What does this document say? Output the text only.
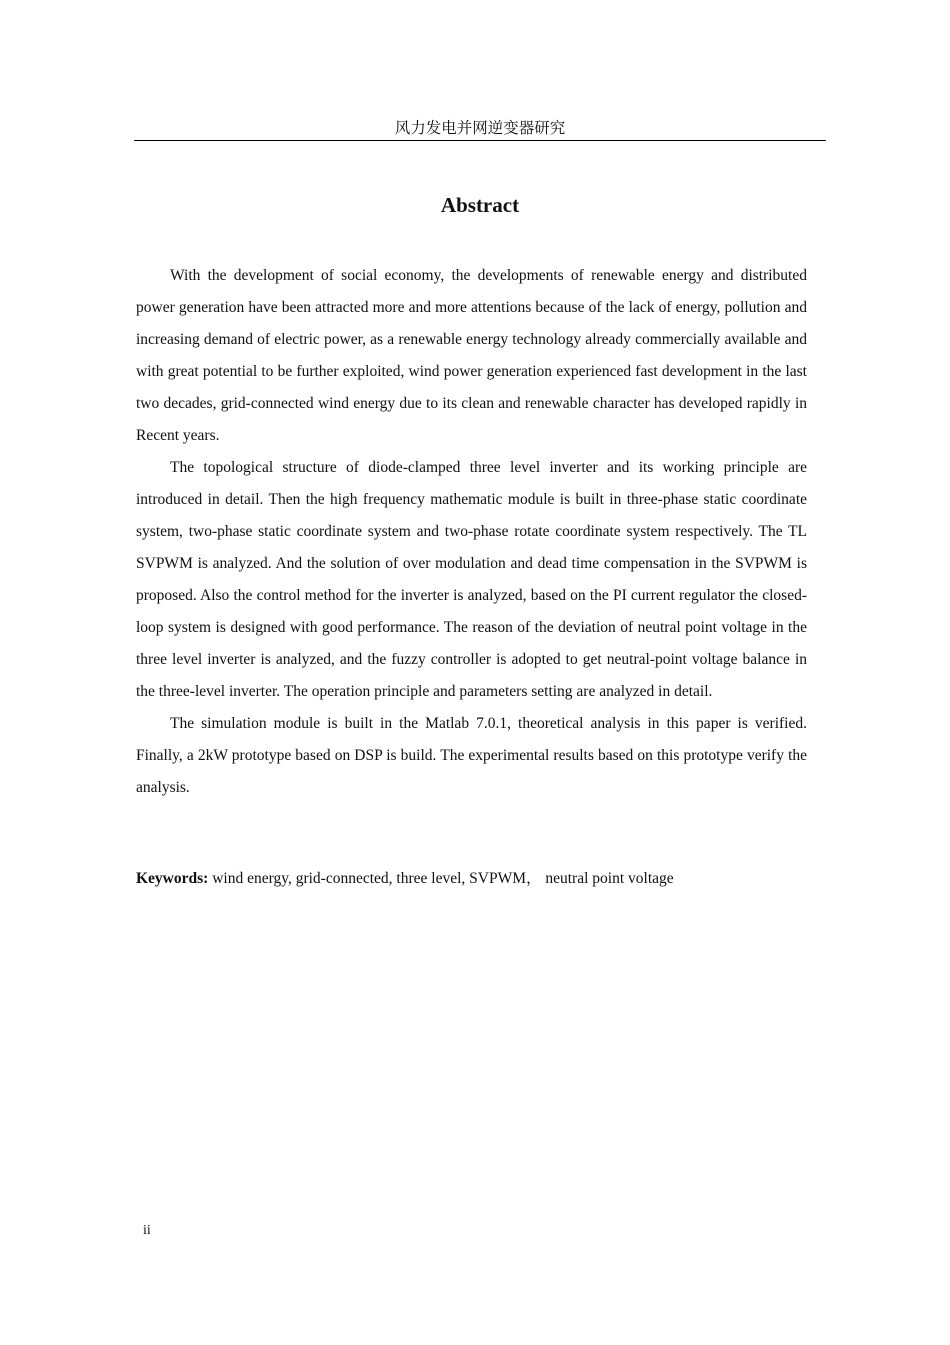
风力发电并网逆变器研究
Abstract

With the development of social economy, the developments of renewable energy and distributed power generation have been attracted more and more attentions because of the lack of energy, pollution and increasing demand of electric power, as a renewable energy technology already commercially available and with great potential to be further exploited, wind power generation experienced fast development in the last two decades, grid-connected wind energy due to its clean and renewable character has developed rapidly in Recent years.

The topological structure of diode-clamped three level inverter and its working principle are introduced in detail. Then the high frequency mathematic module is built in three-phase static coordinate system, two-phase static coordinate system and two-phase rotate coordinate system respectively. The TL SVPWM is analyzed. And the solution of over modulation and dead time compensation in the SVPWM is proposed. Also the control method for the inverter is analyzed, based on the PI current regulator the closed-loop system is designed with good performance. The reason of the deviation of neutral point voltage in the three level inverter is analyzed, and the fuzzy controller is adopted to get neutral-point voltage balance in the three-level inverter. The operation principle and parameters setting are analyzed in detail.

The simulation module is built in the Matlab 7.0.1, theoretical analysis in this paper is verified. Finally, a 2kW prototype based on DSP is build. The experimental results based on this prototype verify the analysis.

Keywords: wind energy, grid-connected, three level, SVPWM， neutral point voltage
ii
